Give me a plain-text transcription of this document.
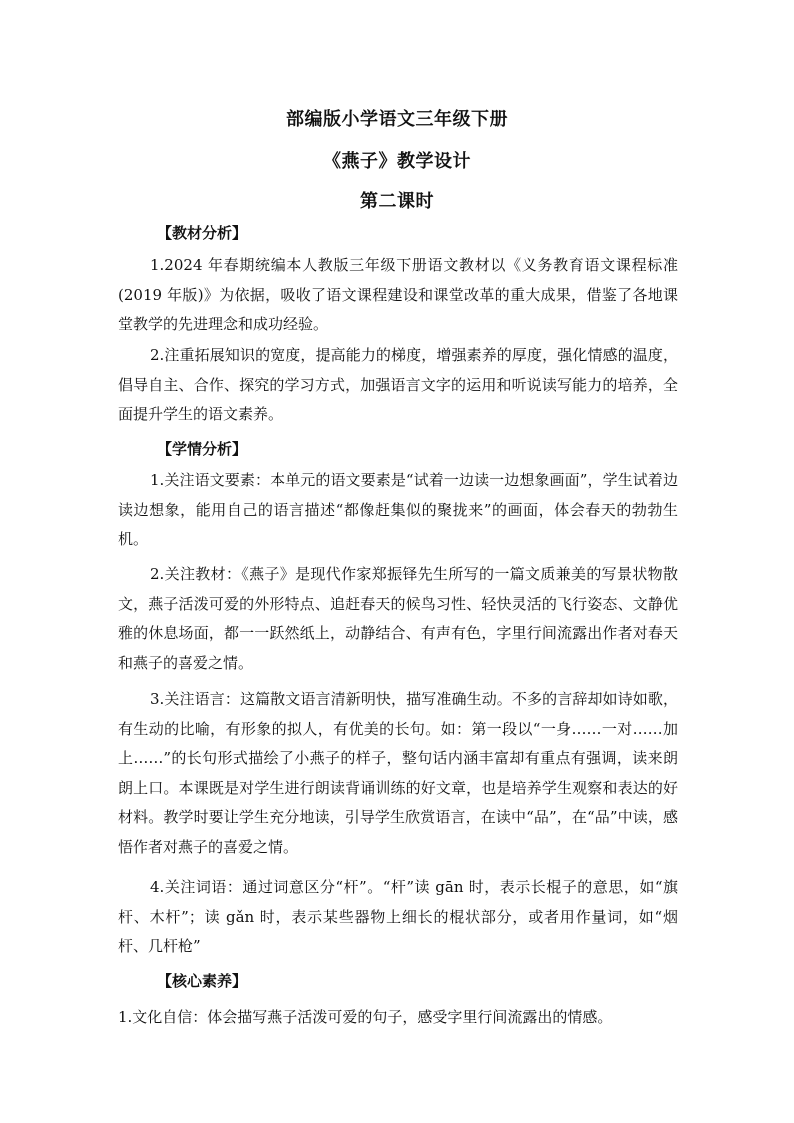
部编版小学语文三年级下册
《燕子》教学设计
第二课时
【教材分析】
1.2024 年春期统编本人教版三年级下册语文教材以《义务教育语文课程标准(2019 年版)》为依据，吸收了语文课程建设和课堂改革的重大成果，借鉴了各地课堂教学的先进理念和成功经验。
2.注重拓展知识的宽度，提高能力的梯度，增强素养的厚度，强化情感的温度，倡导自主、合作、探究的学习方式，加强语言文字的运用和听说读写能力的培养，全面提升学生的语文素养。
【学情分析】
1.关注语文要素：本单元的语文要素是“试着一边读一边想象画面”，学生试着边读边想象，能用自己的语言描述“都像赶集似的聚拢来”的画面，体会春天的勃勃生机。
2.关注教材：《燕子》是现代作家郑振铎先生所写的一篇文质兼美的写景状物散文，燕子活泼可爱的外形特点、追赶春天的候鸟习性、轻快灵活的飞行姿态、文静优雅的休息场面，都一一跃然纸上，动静结合、有声有色，字里行间流露出作者对春天和燕子的喜爱之情。
3.关注语言：这篇散文语言清新明快，描写准确生动。不多的言辞却如诗如歌，有生动的比喻，有形象的拟人，有优美的长句。如：第一段以“一身……一对……加上……”的长句形式描绘了小燕子的样子，整句话内涵丰富却有重点有强调，读来朗朗上口。本课既是对学生进行朗读背诵训练的好文章，也是培养学生观察和表达的好材料。教学时要让学生充分地读，引导学生欣赏语言，在读中“品”，在“品”中读，感悟作者对燕子的喜爱之情。
4.关注词语：通过词意区分“杆”。“杆”读 gān 时，表示长棍子的意思，如“旗杆、木杆”；读 gǎn 时，表示某些器物上细长的棍状部分，或者用作量词，如“烟杆、几杆枪”
【核心素养】
1.文化自信：体会描写燕子活泼可爱的句子，感受字里行间流露出的情感。
